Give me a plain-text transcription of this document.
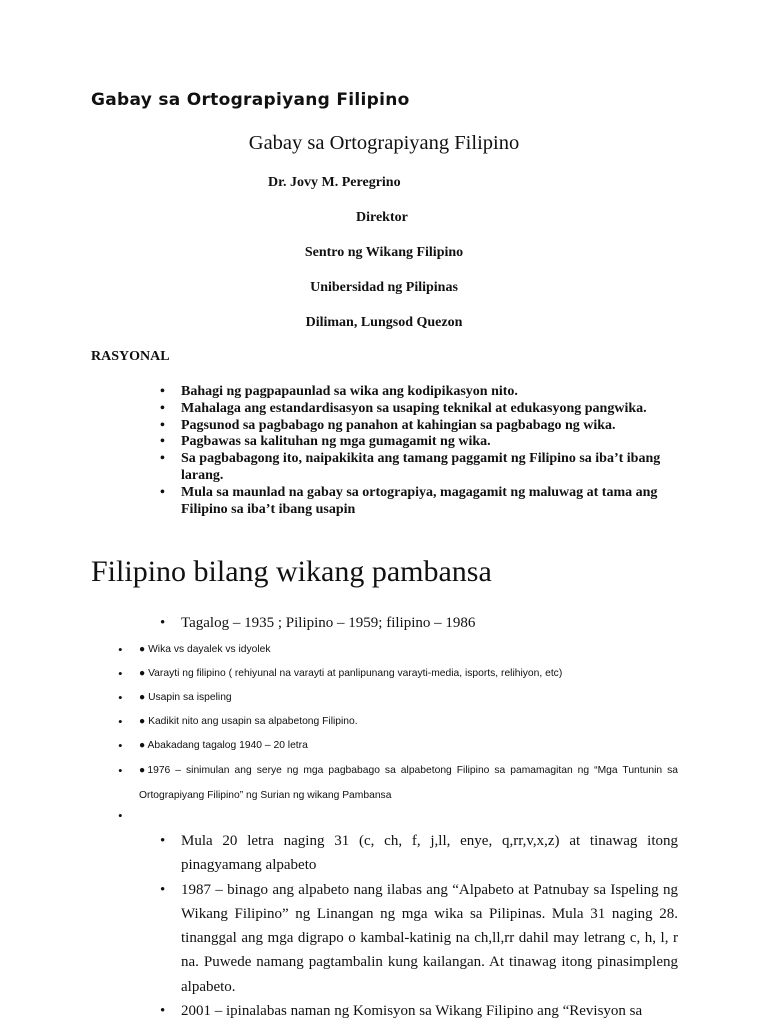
Gabay sa Ortograpiyang Filipino
Gabay sa Ortograpiyang Filipino
Dr. Jovy M. Peregrino
Direktor
Sentro ng Wikang Filipino
Unibersidad ng Pilipinas
Diliman, Lungsod Quezon
RASYONAL
• Bahagi ng pagpapaunlad sa wika ang kodipikasyon nito.
• Mahalaga ang estandardisasyon sa usaping teknikal at edukasyong pangwika.
• Pagsunod sa pagbabago ng panahon at kahingian sa pagbabago ng wika.
• Pagbawas sa kalituhan ng mga gumagamit ng wika.
• Sa pagbabagong ito, naipakikita ang tamang paggamit ng Filipino sa iba’t ibang larang.
• Mula sa maunlad na gabay sa ortograpiya, magagamit ng maluwag at tama ang Filipino sa iba’t ibang usapin
Filipino bilang wikang pambansa
• Tagalog – 1935 ; Pilipino – 1959; filipino – 1986
•	● Wika vs dayalek vs idyolek
•	● Varayti ng filipino ( rehiyunal na varayti at panlipunang varayti-media, isports, relihiyon, etc)
•	● Usapin sa ispeling
•	● Kadikit nito ang usapin sa alpabetong Filipino.
•	● Abakadang tagalog 1940 – 20 letra
•	●1976 – sinimulan ang serye ng mga pagbabago sa alpabetong Filipino sa pamamagitan ng “Mga Tuntunin sa Ortograpiyang Filipino” ng Surian ng wikang Pambansa
•
• Mula 20 letra naging 31 (c, ch, f, j,ll, enye, q,rr,v,x,z) at tinawag itong pinagyamang alpabeto
• 1987 – binago ang alpabeto nang ilabas ang “Alpabeto at Patnubay sa Ispeling ng Wikang Filipino” ng Linangan ng mga wika sa Pilipinas. Mula 31 naging 28. tinanggal ang mga digrapo o kambal-katinig na ch,ll,rr dahil may letrang c, h, l, r na. Puwede namang pagtambalin kung kailangan. At tinawag itong pinasimpleng alpabeto.
• 2001 – ipinalabas naman ng Komisyon sa Wikang Filipino ang “Revisyon sa
